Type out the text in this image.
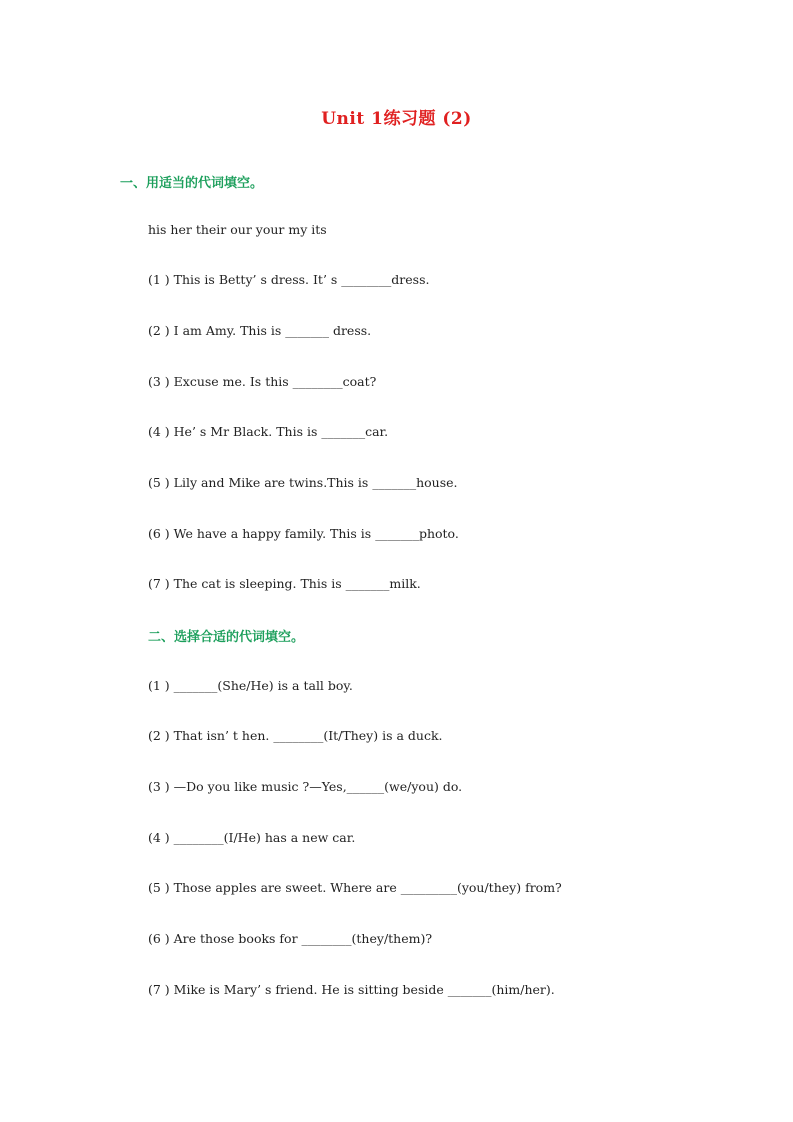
Unit 1练习题 (2)
一、用适当的代词填空。
his her their our your my its
(1 ) This is Betty’ s dress. It’ s ________dress.
(2 ) I am Amy. This is _______ dress.
(3 ) Excuse me. Is this ________coat?
(4 ) He’ s Mr Black. This is _______car.
(5 ) Lily and Mike are twins.This is _______house.
(6 ) We have a happy family. This is _______photo.
(7 ) The cat is sleeping. This is _______milk.
二、选择合适的代词填空。
(1 ) _______(She/He) is a tall boy.
(2 ) That isn’ t hen. ________(It/They) is a duck.
(3 ) —Do you like music ?—Yes,______(we/you) do.
(4 ) ________(I/He) has a new car.
(5 ) Those apples are sweet. Where are _________(you/they) from?
(6 ) Are those books for ________(they/them)?
(7 ) Mike is Mary’ s friend. He is sitting beside _______(him/her).
